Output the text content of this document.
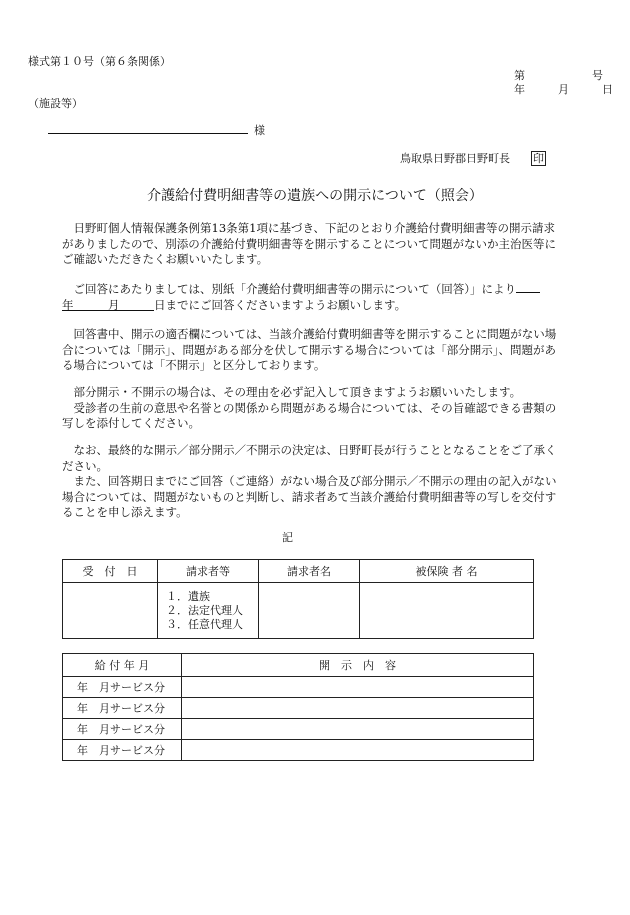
様式第１０号（第６条関係）
第	号
年	月	日
（施設等）
様
鳥取県日野郡日野町長 印
介護給付費明細書等の遺族への開示について（照会）

日野町個人情報保護条例第13条第1項に基づき、下記のとおり介護給付費明細書等の開示請求がありましたので、別添の介護給付費明細書等を開示することについて問題がないか主治医等にご確認いただきたくお願いいたします。

ご回答にあたりましては、別紙「介護給付費明細書等の開示について（回答）」により
年　　　	月　　　	日までにご回答くださいますようお願いします。

回答書中、開示の適否欄については、当該介護給付費明細書等を開示することに問題がない場合については「開示」、問題がある部分を伏して開示する場合については「部分開示」、問題がある場合については「不開示」と区分しております。

部分開示・不開示の場合は、その理由を必ず記入して頂きますようお願いいたします。

受診者の生前の意思や名誉との関係から問題がある場合については、その旨確認できる書類の写しを添付してください。

なお、最終的な開示／部分開示／不開示の決定は、日野町長が行うこととなることをご了承ください。

また、回答期日までにご回答（ご連絡）がない場合及び部分開示／不開示の理由の記入がない場合については、問題がないものと判断し、請求者あて当該介護給付費明細書等の写しを交付することを申し添えます。

記
受　付　日	請求者等	請求者名	被保険 者 名

	１．遺族
２．法定代理人
３．任意代理人		

給 付 年 月	開　示　内　容
年　月サービス分	
年　月サービス分	
年　月サービス分	
年　月サービス分	
